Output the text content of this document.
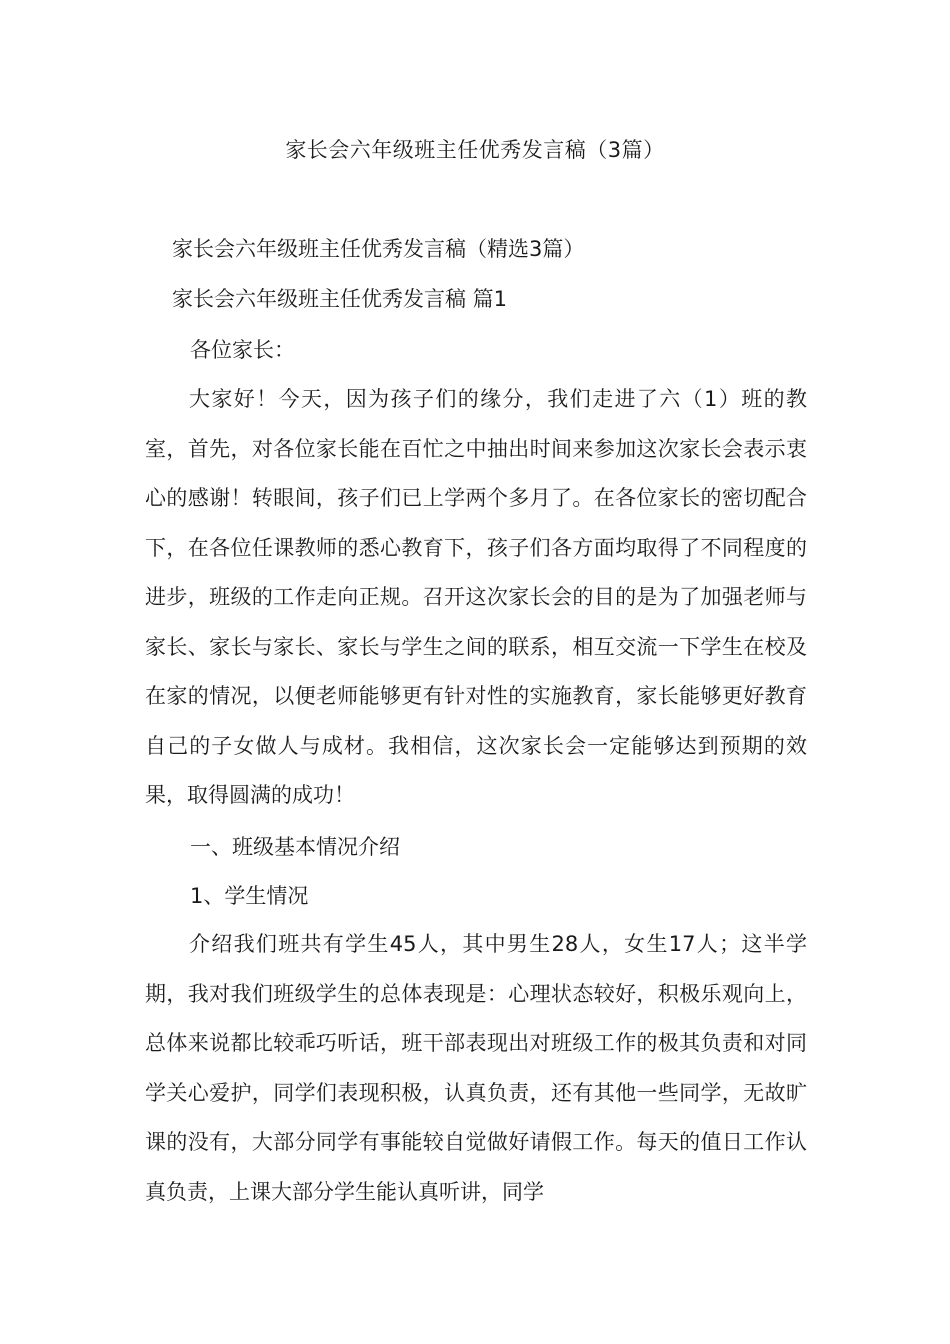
家长会六年级班主任优秀发言稿（3篇）

家长会六年级班主任优秀发言稿（精选3篇）

家长会六年级班主任优秀发言稿 篇1

各位家长：

大家好！今天，因为孩子们的缘分，我们走进了六（1）班的教室，首先，对各位家长能在百忙之中抽出时间来参加这次家长会表示衷心的感谢！转眼间，孩子们已上学两个多月了。在各位家长的密切配合下，在各位任课教师的悉心教育下，孩子们各方面均取得了不同程度的进步，班级的工作走向正规。召开这次家长会的目的是为了加强老师与家长、家长与家长、家长与学生之间的联系，相互交流一下学生在校及在家的情况，以便老师能够更有针对性的实施教育，家长能够更好教育自己的子女做人与成材。我相信，这次家长会一定能够达到预期的效果，取得圆满的成功！

一、班级基本情况介绍

1、学生情况

介绍我们班共有学生45人，其中男生28人，女生17人；这半学期，我对我们班级学生的总体表现是：心理状态较好，积极乐观向上，总体来说都比较乖巧听话，班干部表现出对班级工作的极其负责和对同学关心爱护，同学们表现积极，认真负责，还有其他一些同学，无故旷课的没有，大部分同学有事能较自觉做好请假工作。每天的值日工作认真负责，上课大部分学生能认真听讲，同学
